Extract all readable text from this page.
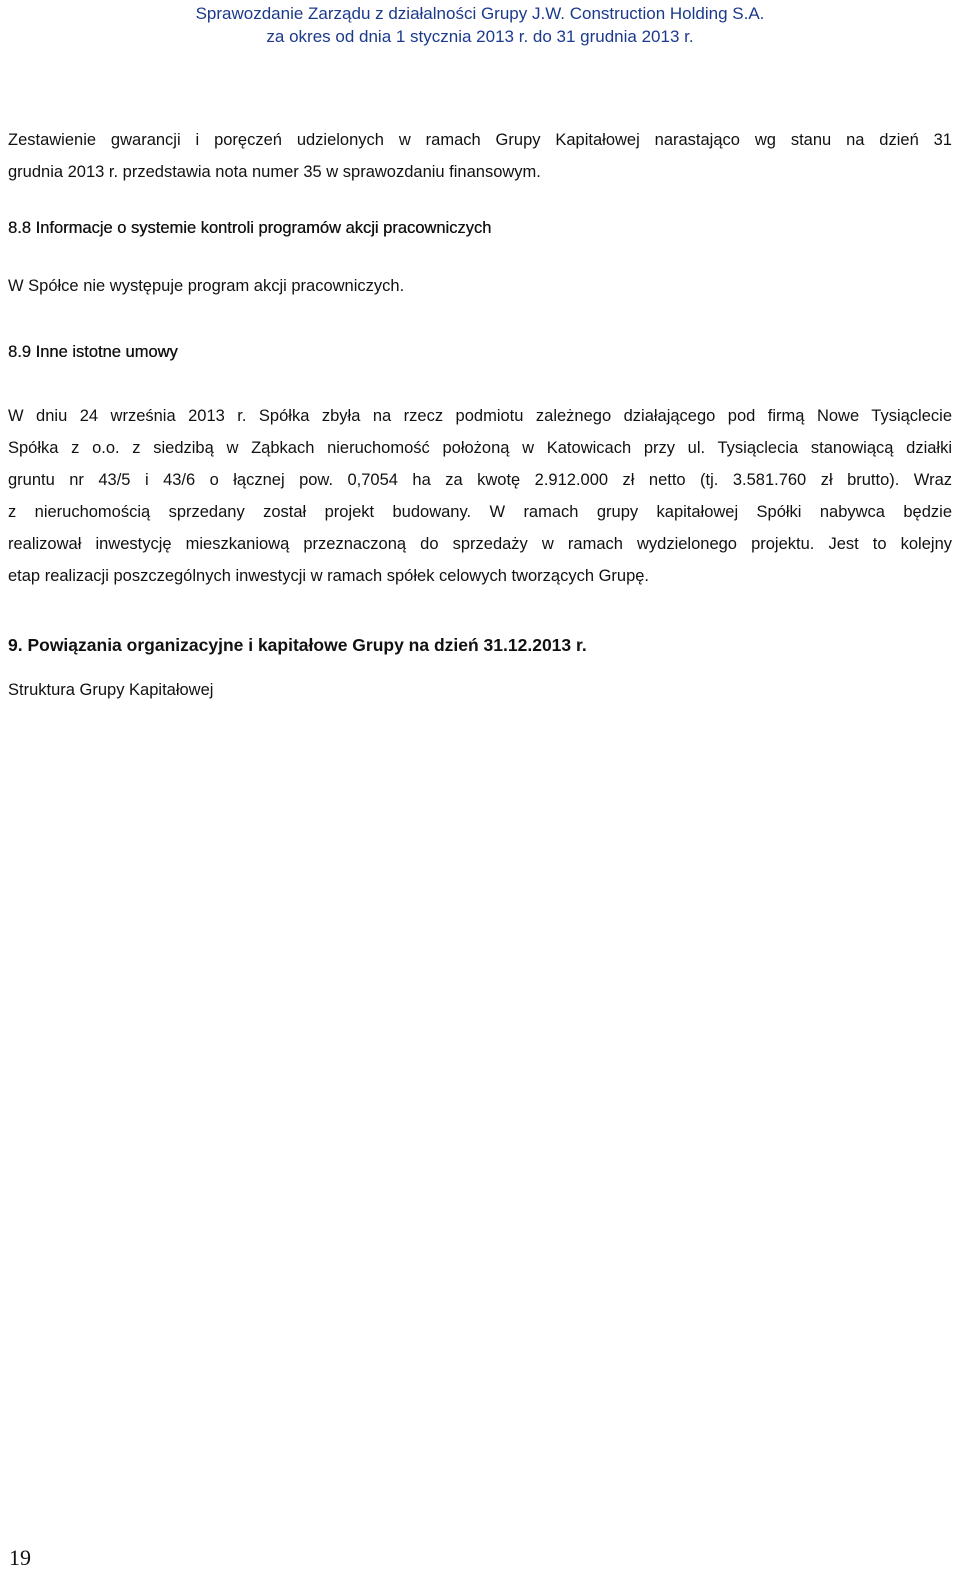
Sprawozdanie Zarządu z działalności Grupy J.W. Construction Holding S.A.
za okres od dnia 1 stycznia 2013 r. do 31 grudnia 2013 r.
Zestawienie gwarancji i poręczeń udzielonych w ramach Grupy Kapitałowej narastająco wg stanu na dzień 31
grudnia 2013 r. przedstawia nota numer 35 w sprawozdaniu finansowym.
8.8 Informacje o systemie kontroli programów akcji pracowniczych
W Spółce nie występuje program akcji pracowniczych.
8.9 Inne istotne umowy
W dniu 24 września 2013 r. Spółka zbyła na rzecz podmiotu zależnego działającego pod firmą Nowe Tysiąclecie
Spółka z o.o. z siedzibą w Ząbkach nieruchomość położoną w Katowicach przy ul. Tysiąclecia stanowiącą działki
gruntu nr 43/5 i 43/6 o łącznej pow. 0,7054 ha za kwotę 2.912.000 zł netto (tj. 3.581.760 zł brutto). Wraz
z nieruchomością sprzedany został projekt budowany. W ramach grupy kapitałowej Spółki nabywca będzie
realizował inwestycję mieszkaniową przeznaczoną do sprzedaży w ramach wydzielonego projektu. Jest to kolejny
etap realizacji poszczególnych inwestycji w ramach spółek celowych tworzących Grupę.
9. Powiązania organizacyjne i kapitałowe Grupy na dzień 31.12.2013 r.
Struktura Grupy Kapitałowej
19
